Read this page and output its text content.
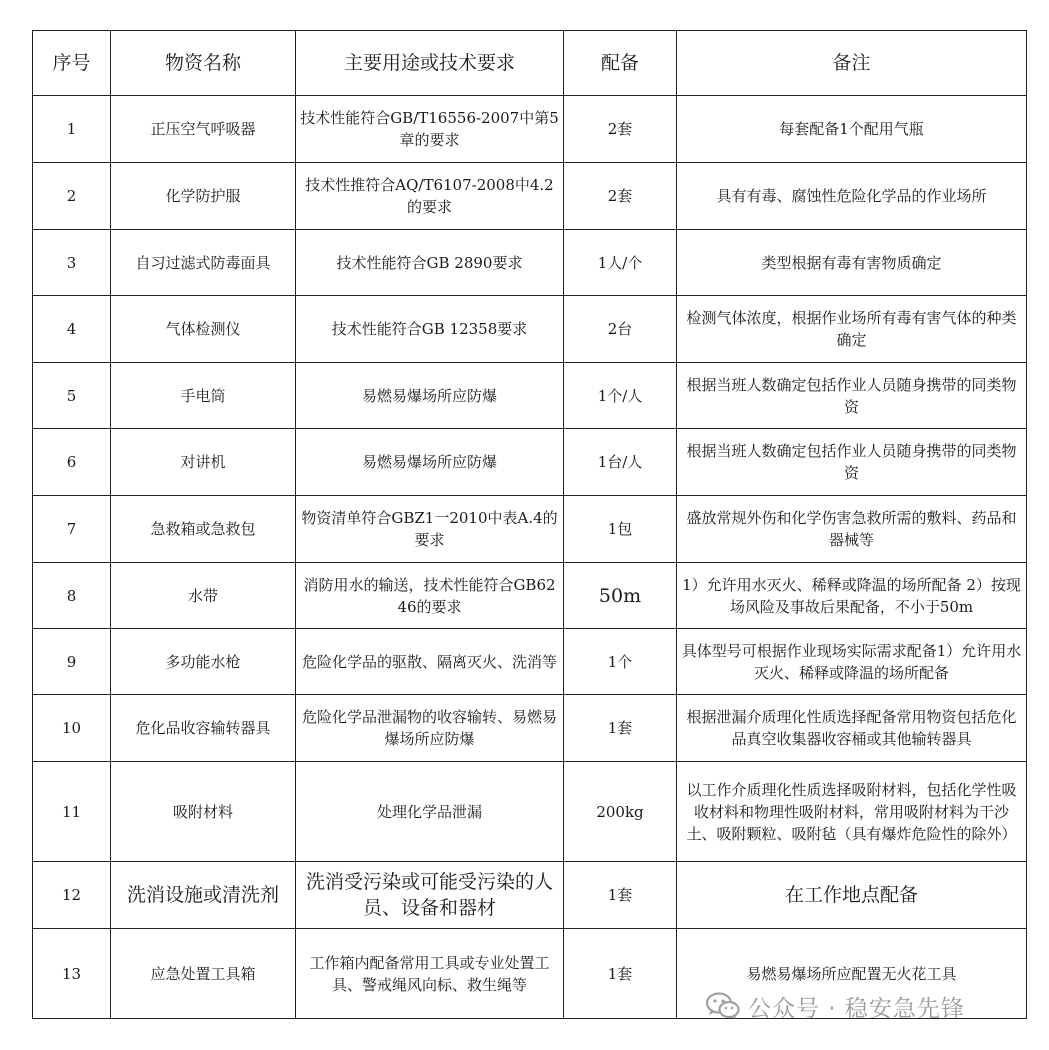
序号	物资名称	主要用途或技术要求	配备	备注
1	正压空气呼吸器	技术性能符合GB/T16556-2007中第5章的要求	2套	每套配备1个配用气瓶
2	化学防护服	技术性推符合AQ/T6107-2008中4.2的要求	2套	具有有毒、腐蚀性危险化学品的作业场所
3	自习过滤式防毒面具	技术性能符合GB 2890要求	1人/个	类型根据有毒有害物质确定
4	气体检测仪	技术性能符合GB 12358要求	2台	检测气体浓度，根据作业场所有毒有害气体的种类确定
5	手电筒	易燃易爆场所应防爆	1个/人	根据当班人数确定包括作业人员随身携带的同类物资
6	对讲机	易燃易爆场所应防爆	1台/人	根据当班人数确定包括作业人员随身携带的同类物资
7	急救箱或急救包	物资清单符合GBZ1一2010中表A.4的要求	1包	盛放常规外伤和化学伤害急救所需的敷料、药品和器械等
8	水带	消防用水的输送，技术性能符合GB6246的要求	50m	1）允许用水灭火、稀释或降温的场所配备 2）按现场风险及事故后果配备，不小于50m
9	多功能水枪	危险化学品的驱散、隔离灭火、洗消等	1个	具体型号可根据作业现场实际需求配备1）允许用水灭火、稀释或降温的场所配备
10	危化品收容输转器具	危险化学品泄漏物的收容输转、易燃易爆场所应防爆	1套	根据泄漏介质理化性质选择配备常用物资包括危化品真空收集器收容桶或其他输转器具
11	吸附材料	处理化学品泄漏	200kg	以工作介质理化性质选择吸附材料，包括化学性吸收材料和物理性吸附材料，常用吸附材料为干沙土、吸附颗粒、吸附毡（具有爆炸危险性的除外）
12	洗消设施或清洗剂	洗消受污染或可能受污染的人员、设备和器材	1套	在工作地点配备
13	应急处置工具箱	工作箱内配备常用工具或专业处置工具、警戒绳风向标、救生绳等	1套	易燃易爆场所应配置无火花工具
公众号 · 稳安急先锋
